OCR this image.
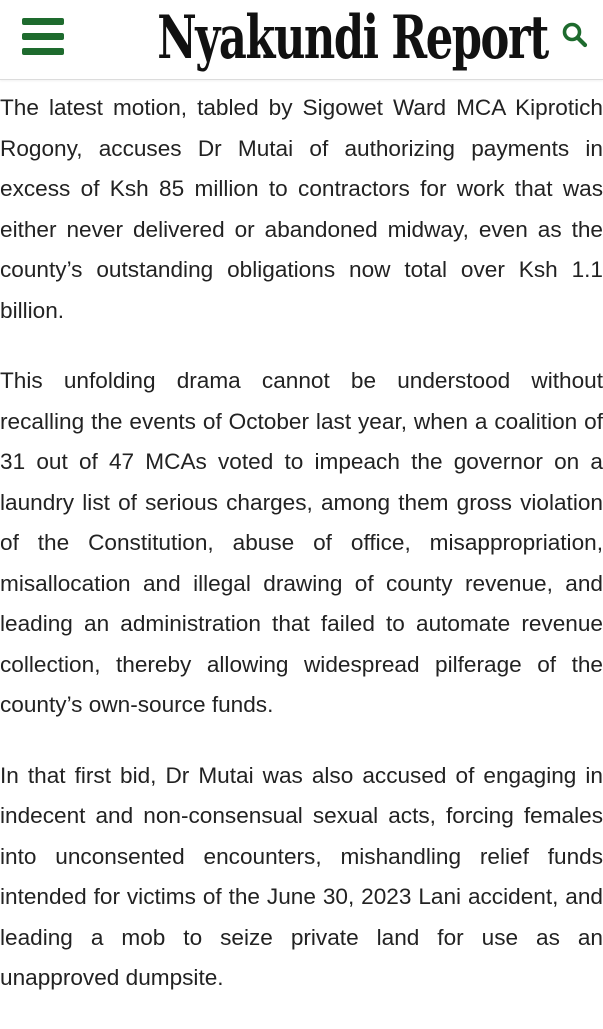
Nyakundi Report

The latest motion, tabled by Sigowet Ward MCA Kiprotich Rogony, accuses Dr Mutai of authorizing payments in excess of Ksh 85 million to contractors for work that was either never delivered or abandoned midway, even as the county’s outstanding obligations now total over Ksh 1.1 billion.

This unfolding drama cannot be understood without recalling the events of October last year, when a coalition of 31 out of 47 MCAs voted to impeach the governor on a laundry list of serious charges, among them gross violation of the Constitution, abuse of office, misappropriation, misallocation and illegal drawing of county revenue, and leading an administration that failed to automate revenue collection, thereby allowing widespread pilferage of the county’s own-source funds.

In that first bid, Dr Mutai was also accused of engaging in indecent and non-consensual sexual acts, forcing females into unconsented encounters, mishandling relief funds intended for victims of the June 30, 2023 Lani accident, and leading a mob to seize private land for use as an unapproved dumpsite.
